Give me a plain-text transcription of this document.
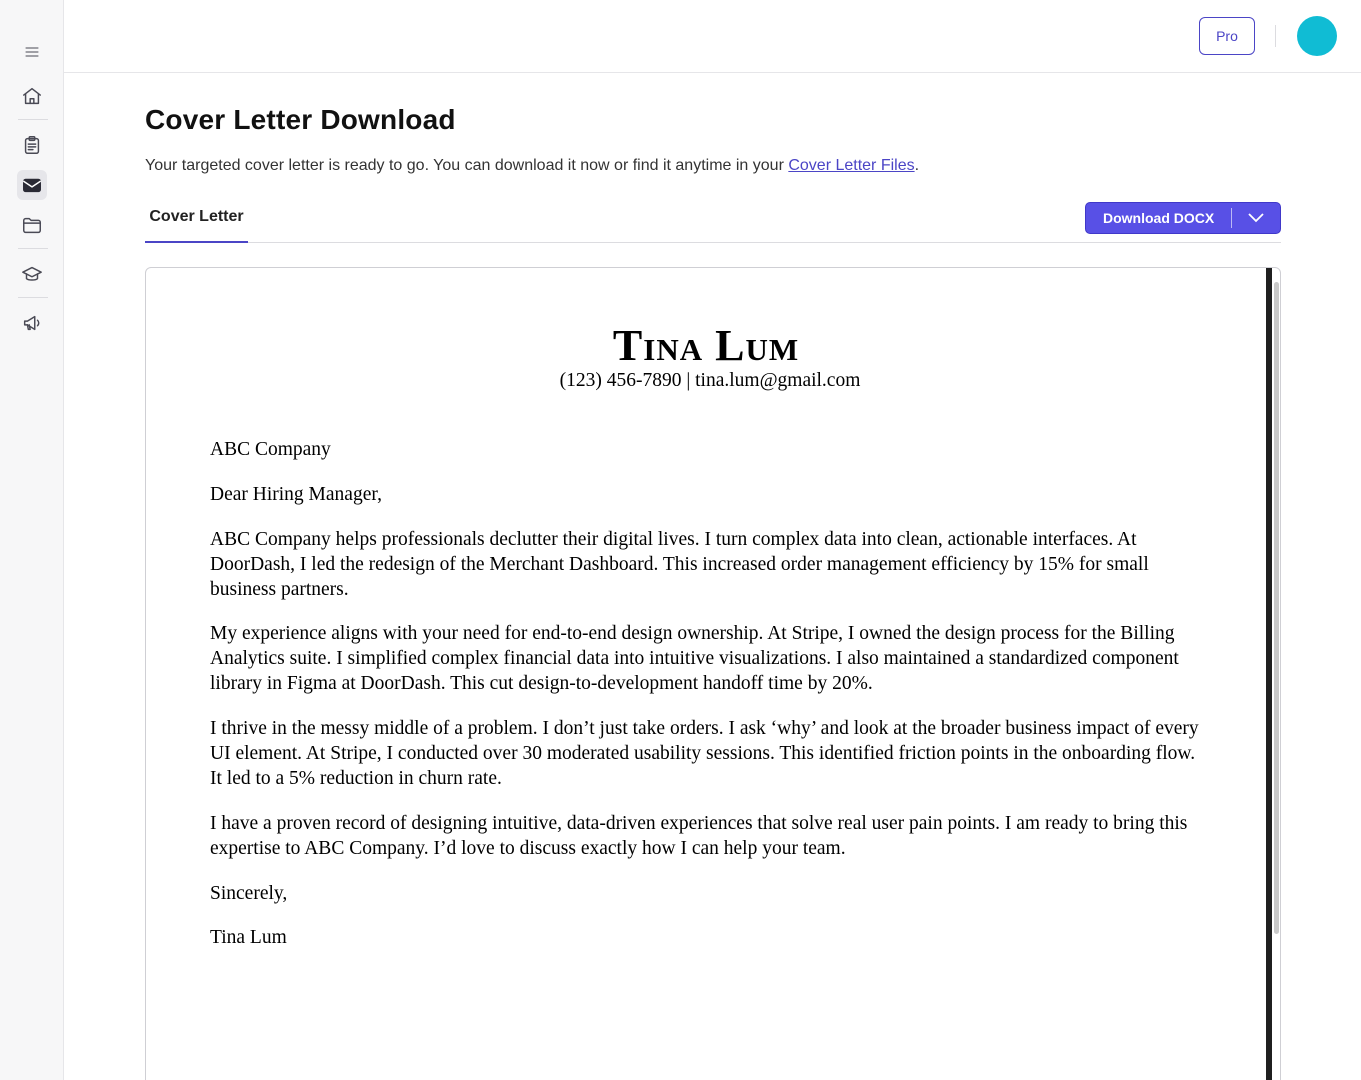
Pro
Cover Letter Download

Your targeted cover letter is ready to go. You can download it now or find it anytime in your Cover Letter Files.

Cover Letter	Download DOCX
Tina Lum
(123) 456-7890 | tina.lum@gmail.com
ABC Company
Dear Hiring Manager,
ABC Company helps professionals declutter their digital lives. I turn complex data into clean, actionable interfaces. At DoorDash, I led the redesign of the Merchant Dashboard. This increased order management efficiency by 15% for small business partners.
My experience aligns with your need for end-to-end design ownership. At Stripe, I owned the design process for the Billing Analytics suite. I simplified complex financial data into intuitive visualizations. I also maintained a standardized component library in Figma at DoorDash. This cut design-to-development handoff time by 20%.
I thrive in the messy middle of a problem. I don’t just take orders. I ask ‘why’ and look at the broader business impact of every UI element. At Stripe, I conducted over 30 moderated usability sessions. This identified friction points in the onboarding flow. It led to a 5% reduction in churn rate.
I have a proven record of designing intuitive, data-driven experiences that solve real user pain points. I am ready to bring this expertise to ABC Company. I’d love to discuss exactly how I can help your team.
Sincerely,
Tina Lum
